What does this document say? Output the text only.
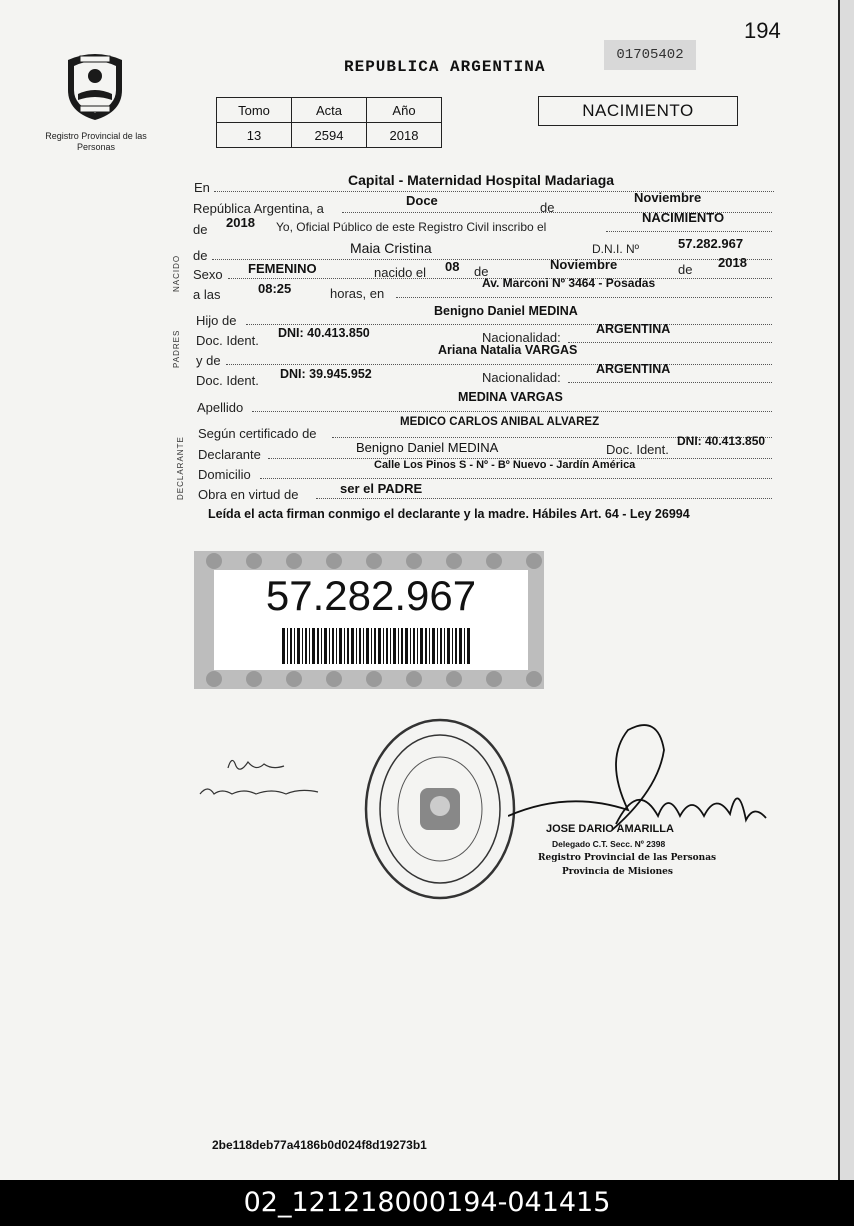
194
Registro Provincial de las Personas
REPUBLICA ARGENTINA
01705402
Tomo	Acta	Año
13	2594	2018
NACIMIENTO
NACIDO
PADRES
DECLARANTE
En	Capital - Maternidad Hospital Madariaga
República Argentina, a
Doce	de
Noviembre
de 2018 Yo, Oficial Público de este Registro Civil inscribo el
NACIMIENTO
de	Maia Cristina	D.N.I. Nº	57.282.967
Sexo FEMENINO	nacido el 08 de	Noviembre	de 2018
a las	08:25	horas, en
Av. Marconi Nº 3464 - Posadas
Hijo de
Benigno Daniel MEDINA
Doc. Ident. DNI: 40.413.850	Nacionalidad:
ARGENTINA
y de
Ariana Natalia VARGAS
Doc. Ident. DNI: 39.945.952	Nacionalidad:
ARGENTINA
Apellido
MEDINA VARGAS
Según certificado de
MEDICO CARLOS ANIBAL ALVAREZ
Declarante	Benigno Daniel MEDINA	Doc. Ident.
DNI: 40.413.850
Domicilio
Calle Los Pinos S - Nº - Bº Nuevo - Jardín América
Obra en virtud de	ser el PADRE
Leída el acta firman conmigo el declarante y la madre. Hábiles Art. 64 - Ley 26994
57.282.967
JOSE DARIO AMARILLA
Delegado C.T. Secc. Nº 2398
Registro Provincial de las Personas
Provincia de Misiones
2be118deb77a4186b0d024f8d19273b1
02_121218000194-041415
